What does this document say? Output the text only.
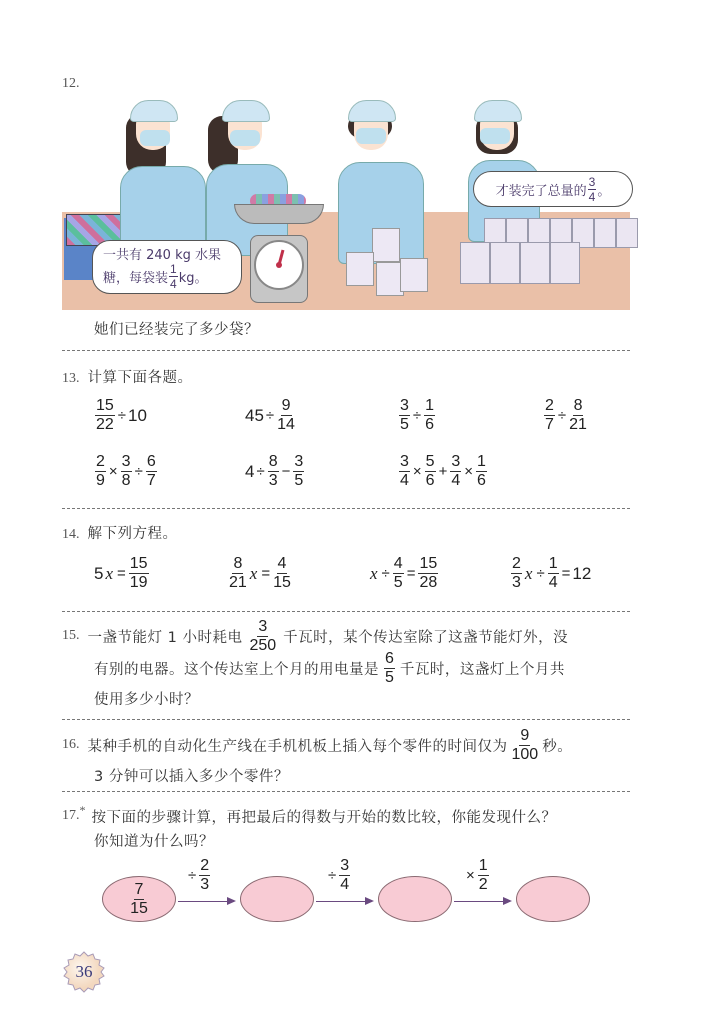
12.
一共有 240 kg 水果
糖，每袋装 $\frac{1}{4}$ kg。
才装完了总量的 $\frac{3}{4}$ 。
她们已经装完了多少袋？
13. 计算下面各题。
$\frac{15}{22} \div 10$	$45 \div \frac{9}{14}$	$\frac{3}{5} \div \frac{1}{6}$	$\frac{2}{7} \div \frac{8}{21}$
$\frac{2}{9} \times \frac{3}{8} \div \frac{6}{7}$	$4 \div \frac{8}{3} - \frac{3}{5}$	$\frac{3}{4} \times \frac{5}{6} + \frac{3}{4} \times \frac{1}{6}$
14. 解下列方程。
5 $x = \frac{15}{19}$	$\frac{8}{21}$ $x = \frac{4}{15}$	$x \div \frac{4}{5} = \frac{15}{28}$	$\frac{2}{3}$ $x \div \frac{1}{4} = 12$
15. 一盏节能灯 1 小时耗电 $\frac{3}{250}$ 千瓦时，某个传达室除了这盏节能灯外，没
有别的电器。这个传达室上个月的用电量是 $\frac{6}{5}$ 千瓦时，这盏灯上个月共
使用多少小时？
16. 某种手机的自动化生产线在手机机板上插入每个零件的时间仅为 $\frac{9}{100}$ 秒。
3 分钟可以插入多少个零件？
17. * 按下面的步骤计算，再把最后的得数与开始的数比较，你能发现什么？
你知道为什么吗？
$\frac{7}{15}$
÷ $\frac{2}{3}$	÷ $\frac{3}{4}$	× $\frac{1}{2}$
36
